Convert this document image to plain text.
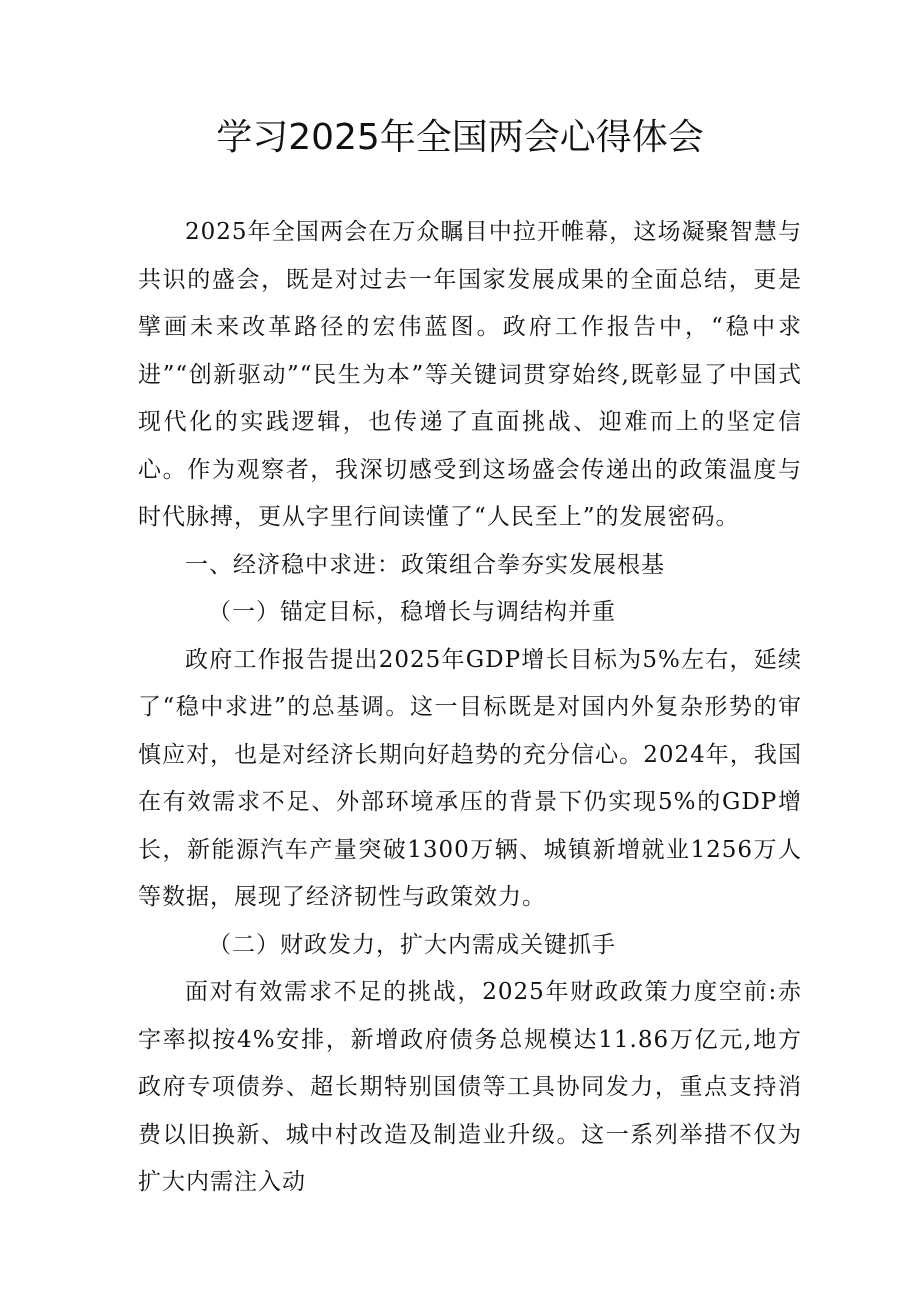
学习2025年全国两会心得体会

2025年全国两会在万众瞩目中拉开帷幕，这场凝聚智慧与共识的盛会，既是对过去一年国家发展成果的全面总结，更是擘画未来改革路径的宏伟蓝图。政府工作报告中，“稳中求进”“创新驱动”“民生为本”等关键词贯穿始终,既彰显了中国式现代化的实践逻辑，也传递了直面挑战、迎难而上的坚定信心。作为观察者，我深切感受到这场盛会传递出的政策温度与时代脉搏，更从字里行间读懂了“人民至上”的发展密码。

一、经济稳中求进：政策组合拳夯实发展根基

（一）锚定目标，稳增长与调结构并重

政府工作报告提出2025年GDP增长目标为5%左右，延续了“稳中求进”的总基调。这一目标既是对国内外复杂形势的审慎应对，也是对经济长期向好趋势的充分信心。2024年，我国在有效需求不足、外部环境承压的背景下仍实现5%的GDP增长，新能源汽车产量突破1300万辆、城镇新增就业1256万人等数据，展现了经济韧性与政策效力。

（二）财政发力，扩大内需成关键抓手

面对有效需求不足的挑战，2025年财政政策力度空前:赤字率拟按4%安排，新增政府债务总规模达11.86万亿元,地方政府专项债券、超长期特别国债等工具协同发力，重点支持消费以旧换新、城中村改造及制造业升级。这一系列举措不仅为扩大内需注入动
